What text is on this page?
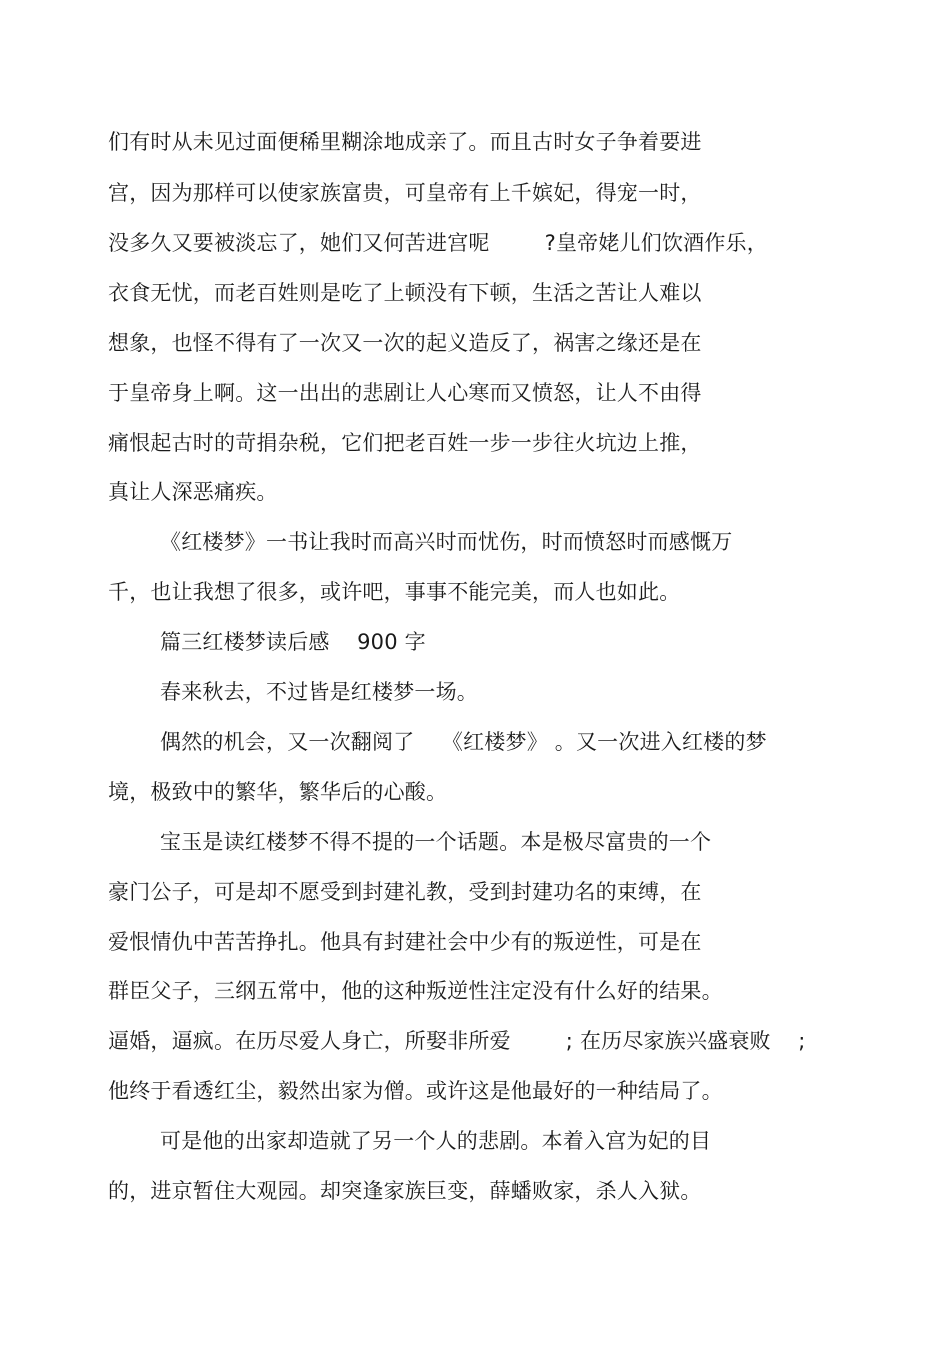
们有时从未见过面便稀里糊涂地成亲了。而且古时女子争着要进
宫，因为那样可以使家族富贵，可皇帝有上千嫔妃，得宠一时，
没多久又要被淡忘了，她们又何苦进宫呢        ?皇帝姥儿们饮酒作乐，
衣食无忧，而老百姓则是吃了上顿没有下顿，生活之苦让人难以
想象，也怪不得有了一次又一次的起义造反了，祸害之缘还是在
于皇帝身上啊。这一出出的悲剧让人心寒而又愤怒，让人不由得
痛恨起古时的苛捐杂税，它们把老百姓一步一步往火坑边上推，
真让人深恶痛疾。
《红楼梦》一书让我时而高兴时而忧伤，时而愤怒时而感慨万
千，也让我想了很多，或许吧，事事不能完美，而人也如此。
篇三红楼梦读后感    900 字
春来秋去，不过皆是红楼梦一场。
偶然的机会，又一次翻阅了    《红楼梦》 。又一次进入红楼的梦
境，极致中的繁华，繁华后的心酸。
宝玉是读红楼梦不得不提的一个话题。本是极尽富贵的一个
豪门公子，可是却不愿受到封建礼教，受到封建功名的束缚，在
爱恨情仇中苦苦挣扎。他具有封建社会中少有的叛逆性，可是在
群臣父子，三纲五常中，他的这种叛逆性注定没有什么好的结果。
逼婚，逼疯。在历尽爱人身亡，所娶非所爱        ; 在历尽家族兴盛衰败    ;
他终于看透红尘，毅然出家为僧。或许这是他最好的一种结局了。
可是他的出家却造就了另一个人的悲剧。本着入宫为妃的目
的，进京暂住大观园。却突逢家族巨变，薛蟠败家，杀人入狱。
